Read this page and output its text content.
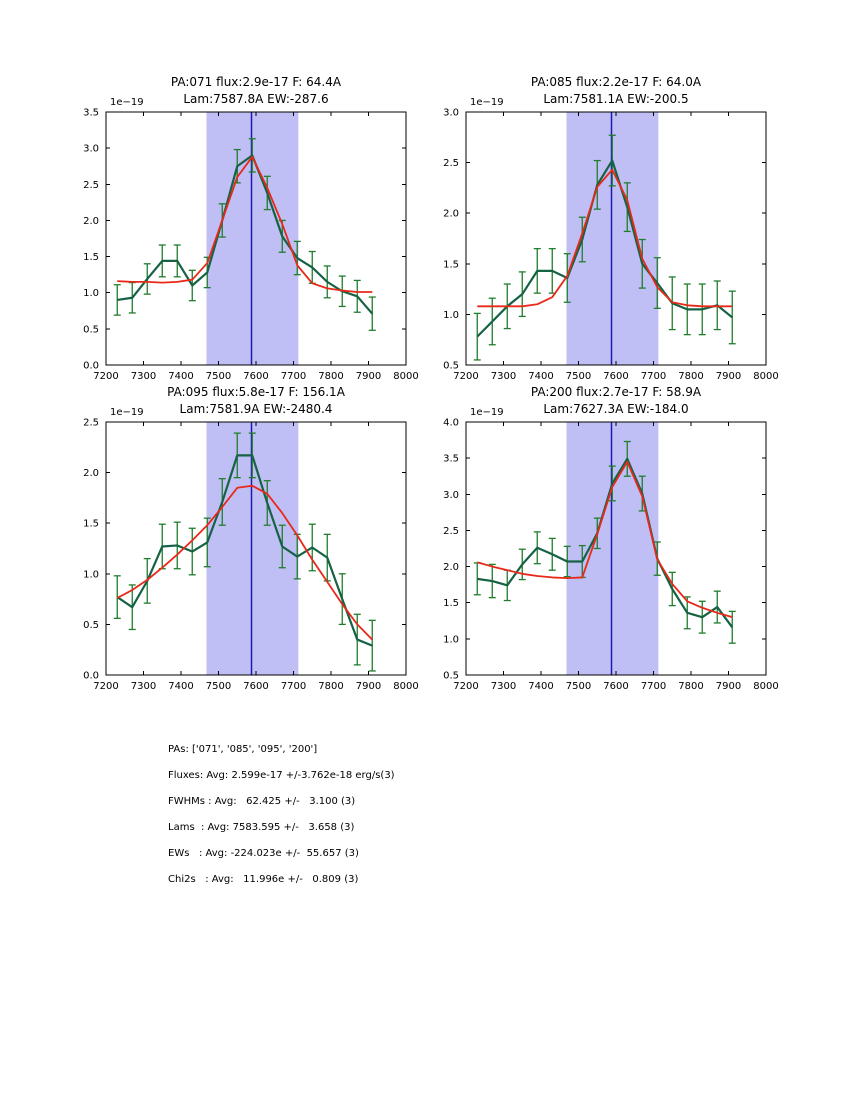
7200 7300 7400 7500 7600 7700 7800 7900 8000
0.0
0.5
1.0
1.5
2.0
2.5
3.0
3.5
1e−19
PA:071 flux:2.9e-17 F: 64.4A
Lam:7587.8A EW:-287.6
7200 7300 7400 7500 7600 7700 7800 7900 8000
0.5
1.0
1.5
2.0
2.5
3.0
1e−19
PA:085 flux:2.2e-17 F: 64.0A
Lam:7581.1A EW:-200.5
7200 7300 7400 7500 7600 7700 7800 7900 8000
0.0
0.5
1.0
1.5
2.0
2.5
1e−19
PA:095 flux:5.8e-17 F: 156.1A
Lam:7581.9A EW:-2480.4
7200 7300 7400 7500 7600 7700 7800 7900 8000
0.5
1.0
1.5
2.0
2.5
3.0
3.5
4.0
1e−19
PA:200 flux:2.7e-17 F: 58.9A
Lam:7627.3A EW:-184.0
PAs: ['071', '085', '095', '200']
Fluxes: Avg: 2.599e-17 +/-3.762e-18 erg/s(3)
FWHMs : Avg:   62.425 +/-   3.100 (3)
Lams  : Avg: 7583.595 +/-   3.658 (3)
EWs   : Avg: -224.023e +/-  55.657 (3)
Chi2s   : Avg:   11.996e +/-   0.809 (3)
